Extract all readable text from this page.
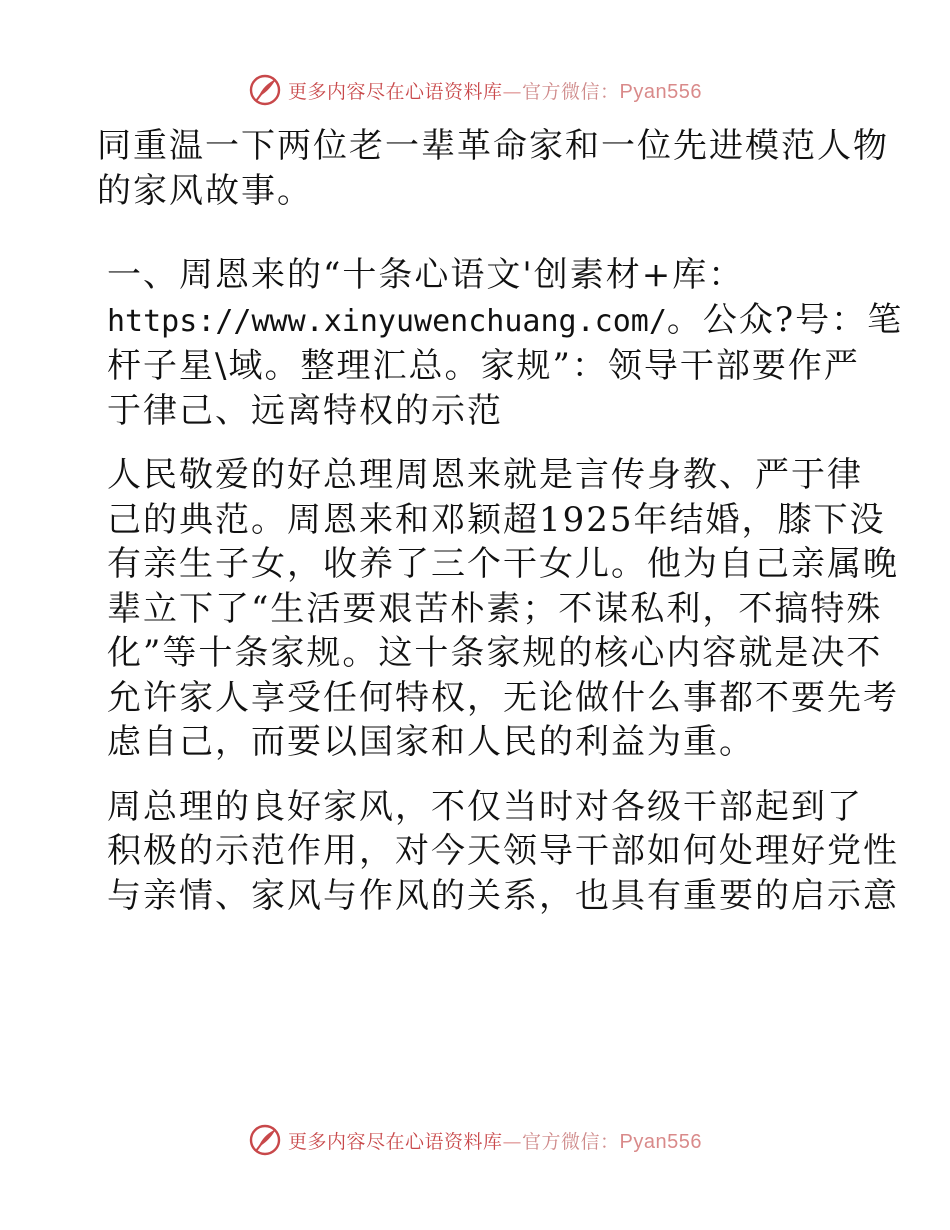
更多内容尽在心语资料库—官方微信：Pyan556

同重温一下两位老一辈革命家和一位先进模范人物
的家风故事。

一、周恩来的“十条心语文'创素材+库：
https://www.xinyuwenchuang.com/。公众?号：笔
杆子星\域。整理汇总。家规”：领导干部要作严
于律己、远离特权的示范

人民敬爱的好总理周恩来就是言传身教、严于律
己的典范。周恩来和邓颖超1925年结婚，膝下没
有亲生子女，收养了三个干女儿。他为自己亲属晚
辈立下了“生活要艰苦朴素；不谋私利，不搞特殊
化”等十条家规。这十条家规的核心内容就是决不
允许家人享受任何特权，无论做什么事都不要先考
虑自己，而要以国家和人民的利益为重。

周总理的良好家风，不仅当时对各级干部起到了
积极的示范作用，对今天领导干部如何处理好党性
与亲情、家风与作风的关系，也具有重要的启示意

更多内容尽在心语资料库—官方微信：Pyan556
